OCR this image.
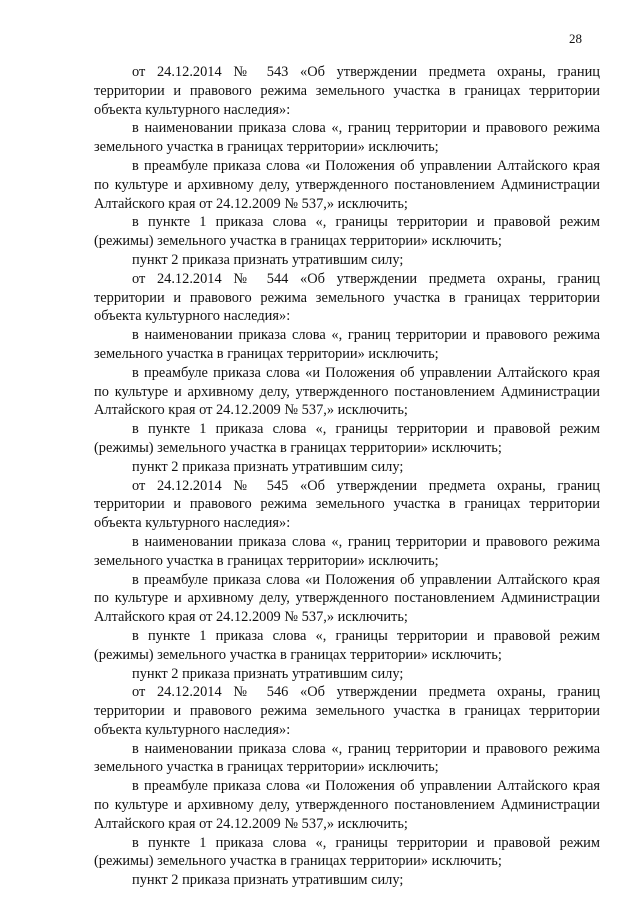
28

от 24.12.2014 № 543 «Об утверждении предмета охраны, границ территории и правового режима земельного участка в границах территории объекта культурного наследия»:

в наименовании приказа слова «, границ территории и правового режима земельного участка в границах территории» исключить;

в преамбуле приказа слова «и Положения об управлении Алтайского края по культуре и архивному делу, утвержденного постановлением Администрации Алтайского края от 24.12.2009 № 537,» исключить;

в пункте 1 приказа слова «, границы территории и правовой режим (режимы) земельного участка в границах территории» исключить;

пункт 2 приказа признать утратившим силу;

от 24.12.2014 № 544 «Об утверждении предмета охраны, границ территории и правового режима земельного участка в границах территории объекта культурного наследия»:

в наименовании приказа слова «, границ территории и правового режима земельного участка в границах территории» исключить;

в преамбуле приказа слова «и Положения об управлении Алтайского края по культуре и архивному делу, утвержденного постановлением Администрации Алтайского края от 24.12.2009 № 537,» исключить;

в пункте 1 приказа слова «, границы территории и правовой режим (режимы) земельного участка в границах территории» исключить;

пункт 2 приказа признать утратившим силу;

от 24.12.2014 № 545 «Об утверждении предмета охраны, границ территории и правового режима земельного участка в границах территории объекта культурного наследия»:

в наименовании приказа слова «, границ территории и правового режима земельного участка в границах территории» исключить;

в преамбуле приказа слова «и Положения об управлении Алтайского края по культуре и архивному делу, утвержденного постановлением Администрации Алтайского края от 24.12.2009 № 537,» исключить;

в пункте 1 приказа слова «, границы территории и правовой режим (режимы) земельного участка в границах территории» исключить;

пункт 2 приказа признать утратившим силу;

от 24.12.2014 № 546 «Об утверждении предмета охраны, границ территории и правового режима земельного участка в границах территории объекта культурного наследия»:

в наименовании приказа слова «, границ территории и правового режима земельного участка в границах территории» исключить;

в преамбуле приказа слова «и Положения об управлении Алтайского края по культуре и архивному делу, утвержденного постановлением Администрации Алтайского края от 24.12.2009 № 537,» исключить;

в пункте 1 приказа слова «, границы территории и правовой режим (режимы) земельного участка в границах территории» исключить;

пункт 2 приказа признать утратившим силу;
